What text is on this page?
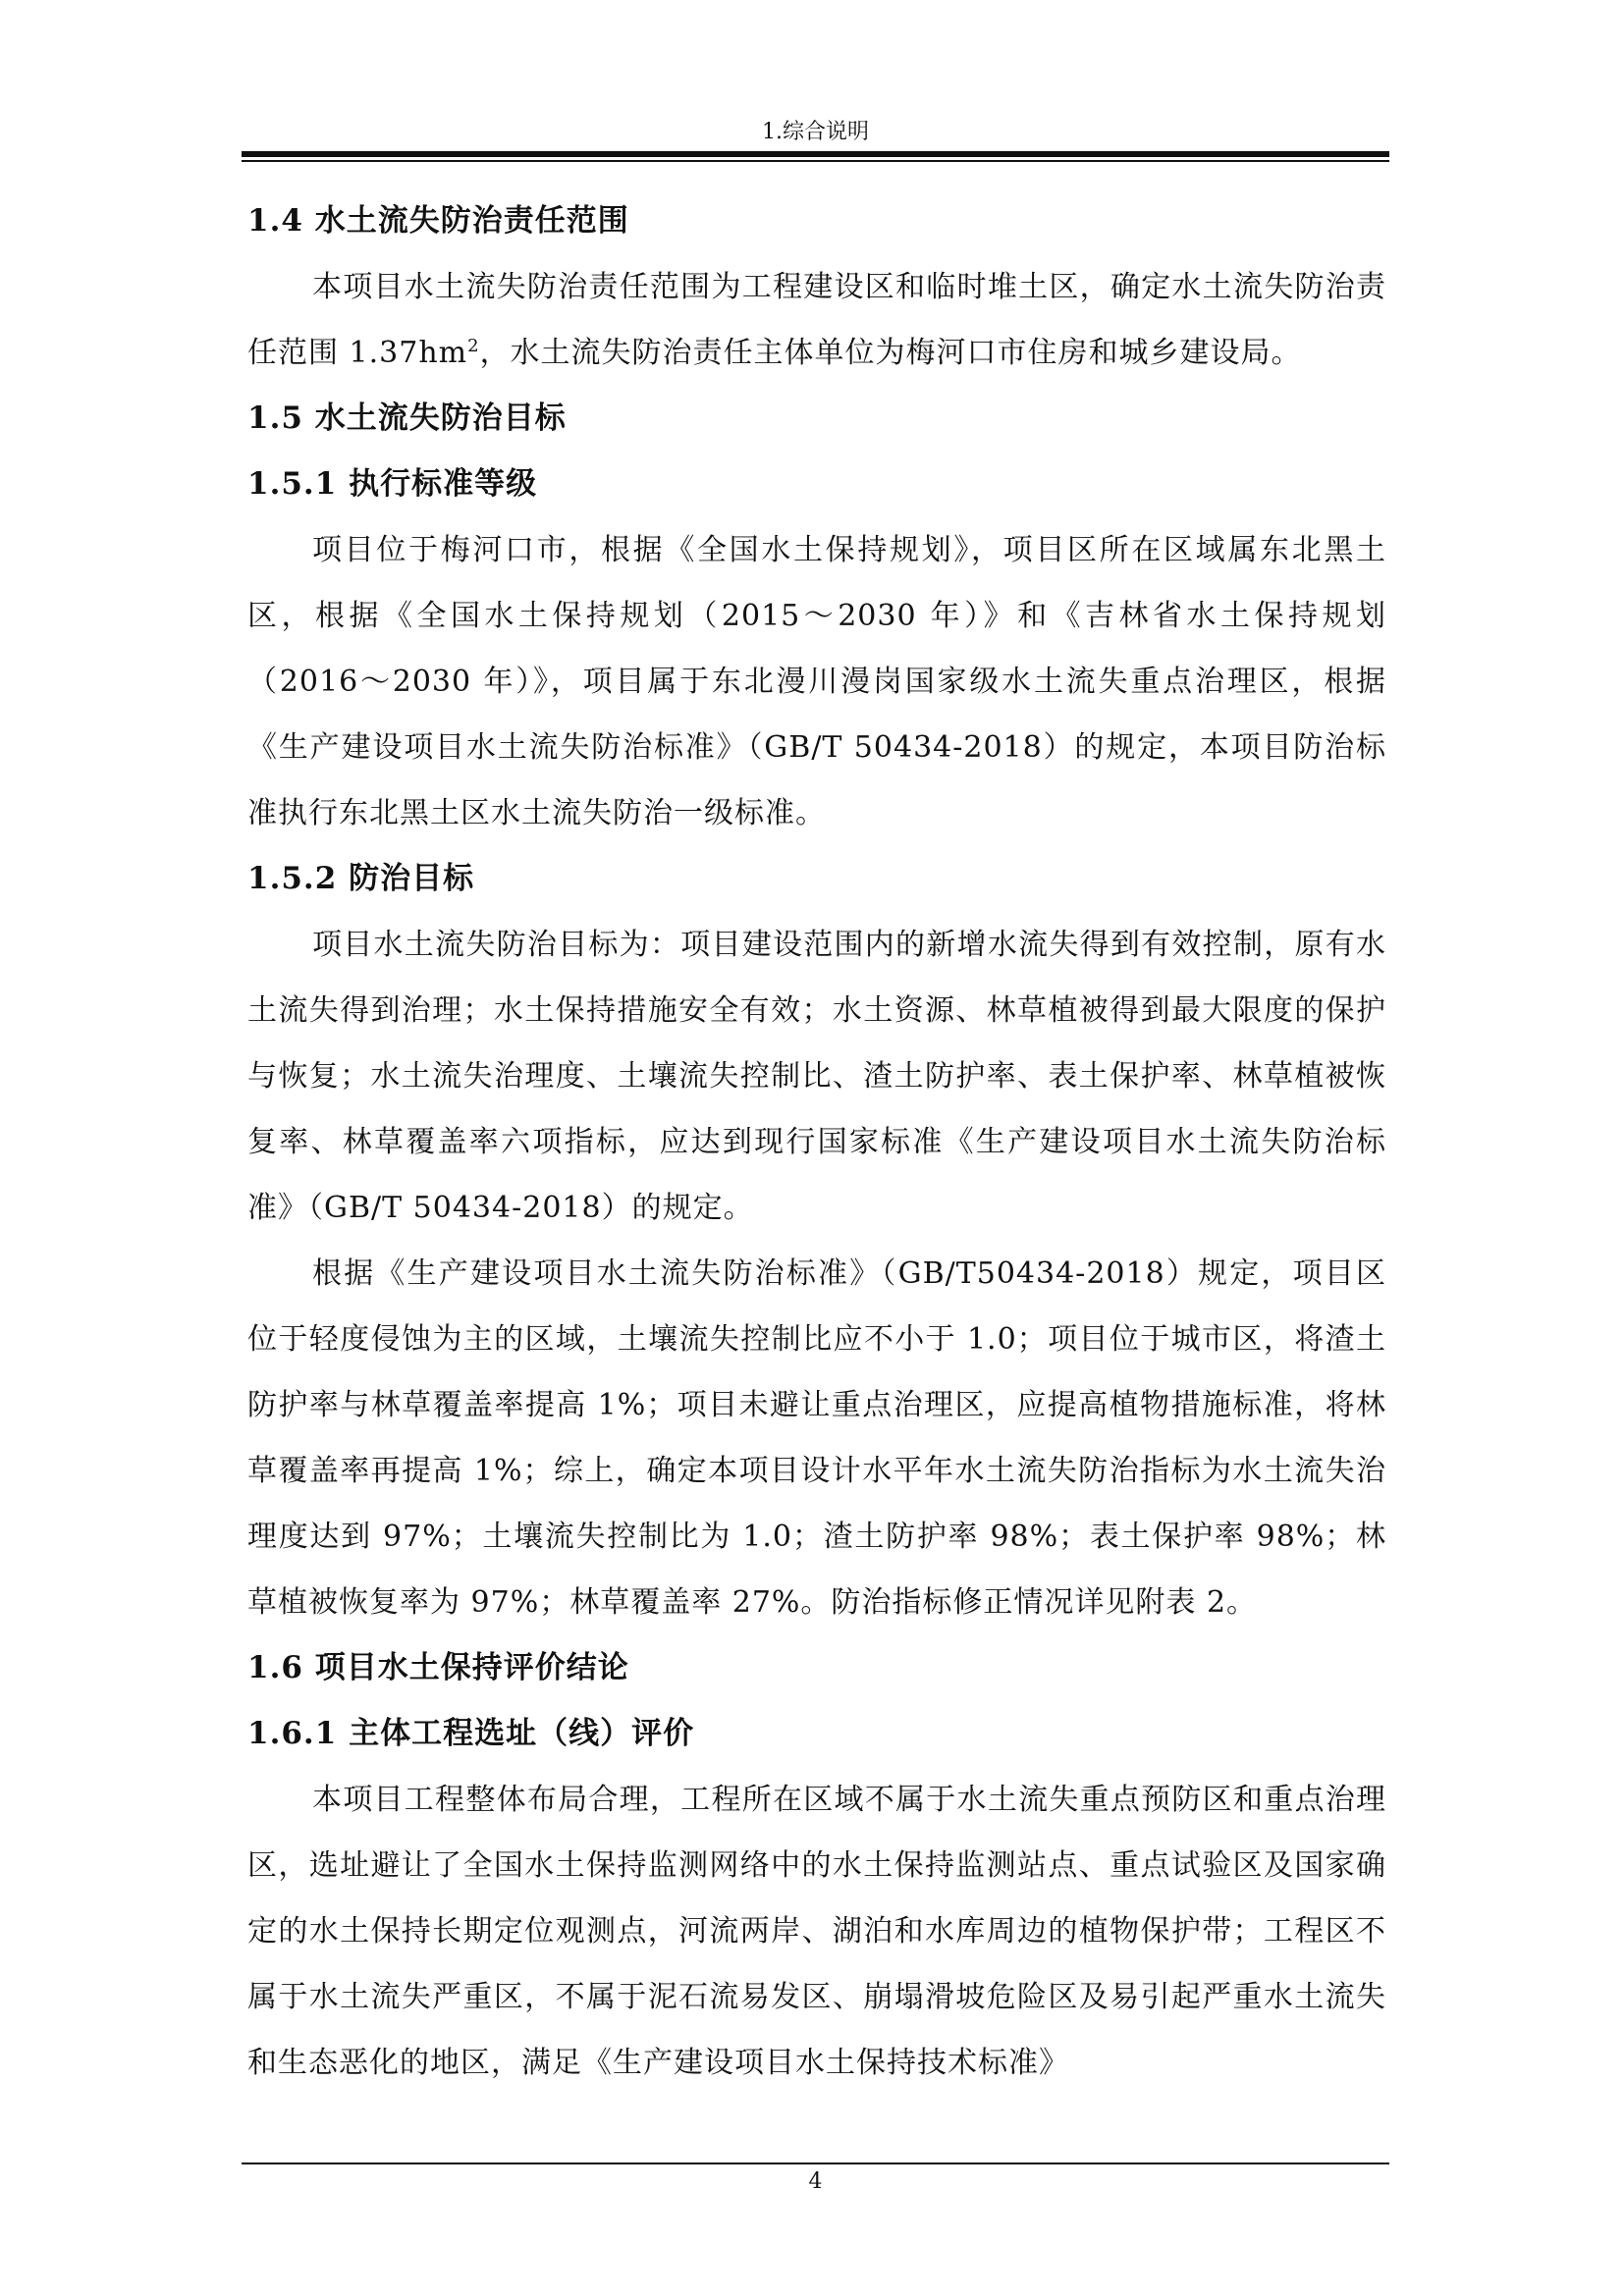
1.综合说明
1.4 水土流失防治责任范围
本项目水土流失防治责任范围为工程建设区和临时堆土区，确定水土流失防治责任范围 $1.37hm^2$，水土流失防治责任主体单位为梅河口市住房和城乡建设局。
1.5 水土流失防治目标
1.5.1 执行标准等级
项目位于梅河口市，根据《全国水土保持规划》，项目区所在区域属东北黑土区，根据《全国水土保持规划（2015～2030 年）》和《吉林省水土保持规划（2016～2030 年）》，项目属于东北漫川漫岗国家级水土流失重点治理区，根据《生产建设项目水土流失防治标准》（GB/T 50434-2018）的规定，本项目防治标准执行东北黑土区水土流失防治一级标准。
1.5.2 防治目标
项目水土流失防治目标为：项目建设范围内的新增水流失得到有效控制，原有水土流失得到治理；水土保持措施安全有效；水土资源、林草植被得到最大限度的保护与恢复；水土流失治理度、土壤流失控制比、渣土防护率、表土保护率、林草植被恢复率、林草覆盖率六项指标，应达到现行国家标准《生产建设项目水土流失防治标准》（GB/T 50434-2018）的规定。
根据《生产建设项目水土流失防治标准》（GB/T50434-2018）规定，项目区位于轻度侵蚀为主的区域，土壤流失控制比应不小于 1.0；项目位于城市区，将渣土防护率与林草覆盖率提高 1%；项目未避让重点治理区，应提高植物措施标准，将林草覆盖率再提高 1%；综上，确定本项目设计水平年水土流失防治指标为水土流失治理度达到 97%；土壤流失控制比为 1.0；渣土防护率 98%；表土保护率 98%；林草植被恢复率为 97%；林草覆盖率 27%。防治指标修正情况详见附表 2。
1.6 项目水土保持评价结论
1.6.1 主体工程选址（线）评价
本项目工程整体布局合理，工程所在区域不属于水土流失重点预防区和重点治理区，选址避让了全国水土保持监测网络中的水土保持监测站点、重点试验区及国家确定的水土保持长期定位观测点，河流两岸、湖泊和水库周边的植物保护带；工程区不属于水土流失严重区，不属于泥石流易发区、崩塌滑坡危险区及易引起严重水土流失和生态恶化的地区，满足《生产建设项目水土保持技术标准》
4
